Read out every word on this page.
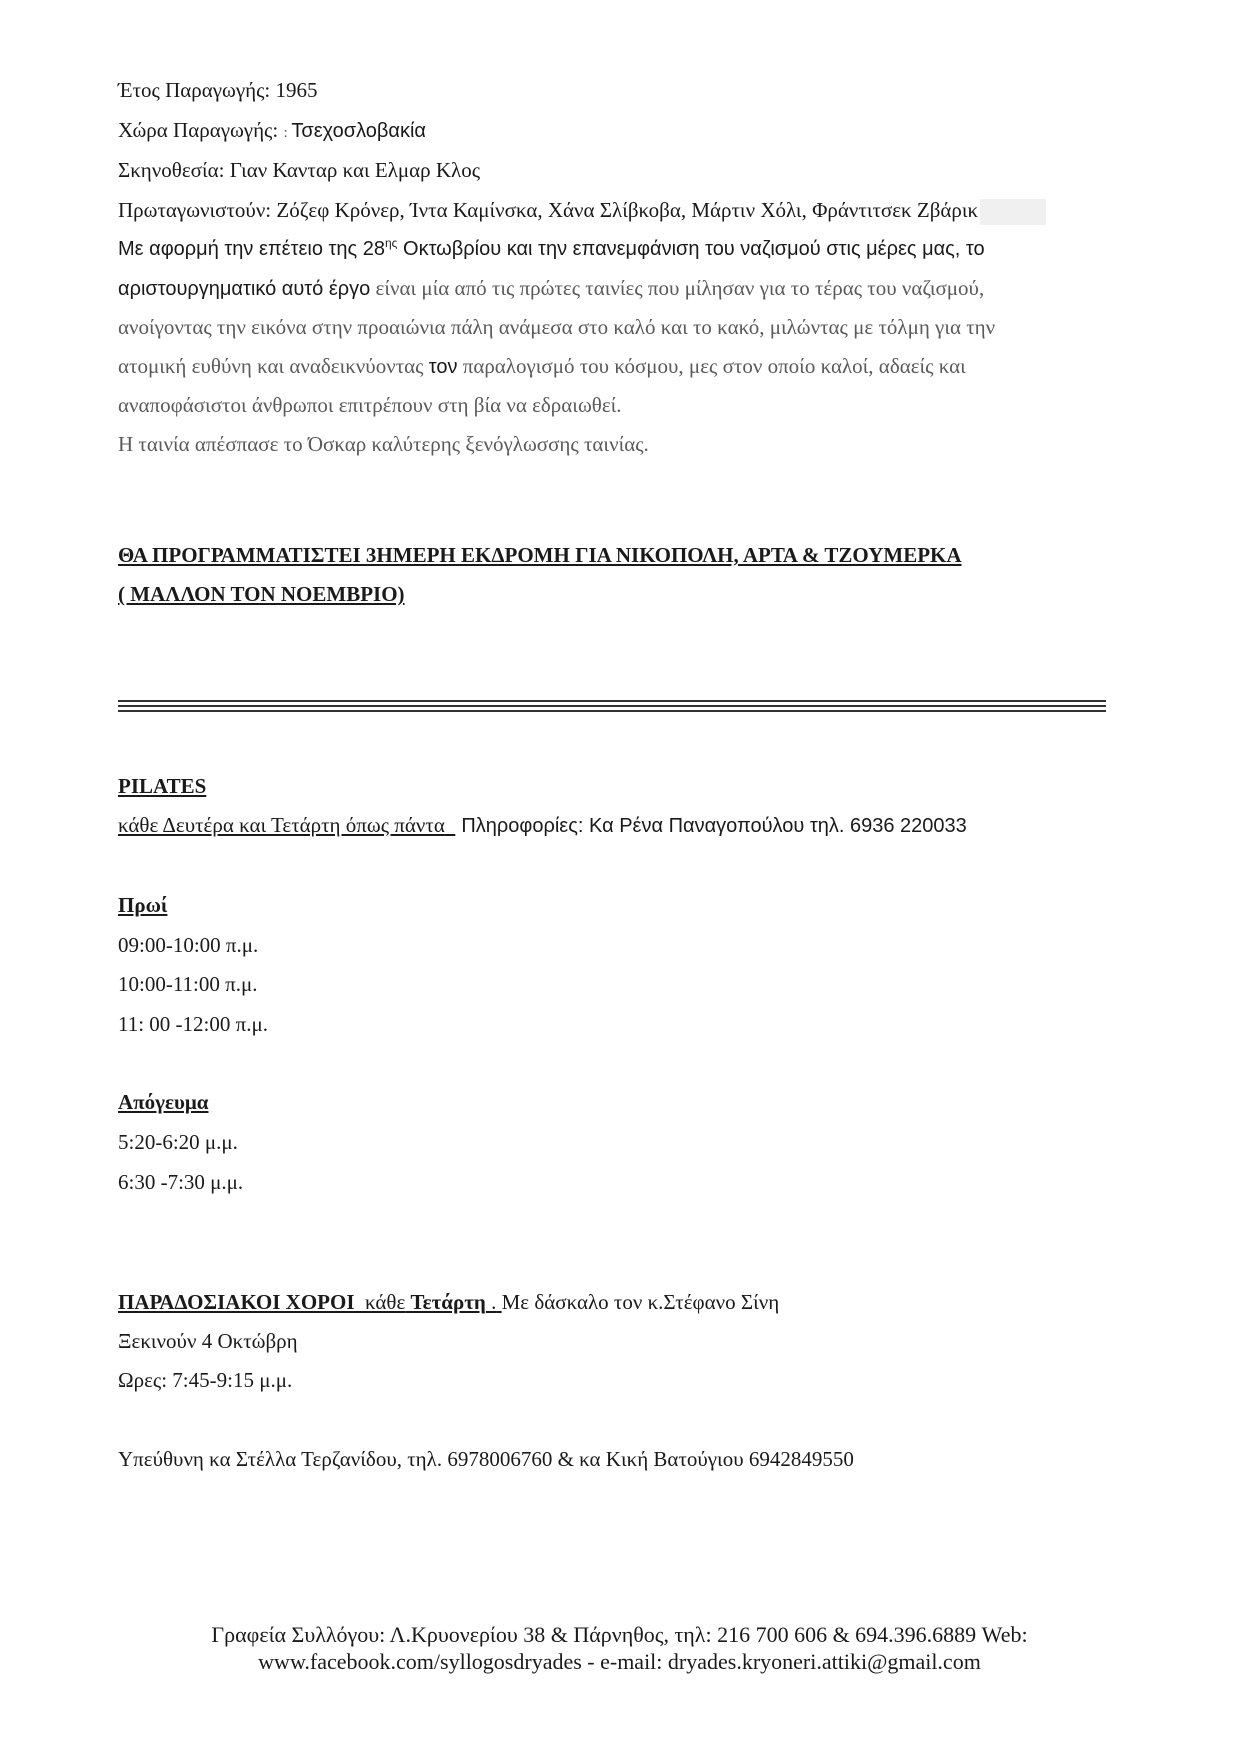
Έτος Παραγωγής: 1965
Χώρα Παραγωγής: : Τσεχοσλοβακία
Σκηνοθεσία: Γιαν Κανταρ και Ελμαρ Κλος
Πρωταγωνιστούν: Ζόζεφ Κρόνερ, Ίντα Καμίνσκα, Χάνα Σλίβκοβα, Μάρτιν Χόλι, Φράντιτσεκ Ζβάρικ
Με αφορμή την επέτειο της $28^{\eta\varsigma}$ Οκτωβρίου και την επανεμφάνιση του ναζισμού στις μέρες μας, το
αριστουργηματικό αυτό έργο είναι μία από τις πρώτες ταινίες που μίλησαν για το τέρας του ναζισμού,
ανοίγοντας την εικόνα στην προαιώνια πάλη ανάμεσα στο καλό και το κακό, μιλώντας με τόλμη για την
ατομική ευθύνη και αναδεικνύοντας τον παραλογισμό του κόσμου, μες στον οποίο καλοί, αδαείς και
αναποφάσιστοι άνθρωποι επιτρέπουν στη βία να εδραιωθεί.
Η ταινία απέσπασε το Όσκαρ καλύτερης ξενόγλωσσης ταινίας.
ΘΑ ΠΡΟΓΡΑΜΜΑΤΙΣΤΕΙ 3ΗΜΕΡΗ ΕΚΔΡΟΜΗ ΓΙΑ ΝΙΚΟΠΟΛΗ, ΑΡΤΑ & ΤΖΟΥΜΕΡΚΑ
( ΜΑΛΛΟΝ ΤΟΝ ΝΟΕΜΒΡΙΟ)
PILATES
κάθε Δευτέρα και Τετάρτη όπως πάντα Πληροφορίες: Κα Ρένα Παναγοπούλου τηλ. 6936 220033
Πρωί
09:00-10:00 π.μ.
10:00-11:00 π.μ.
11: 00 -12:00 π.μ.
Απόγευμα
5:20-6:20 μ.μ.
6:30 -7:30 μ.μ.
ΠΑΡΑΔΟΣΙΑΚΟΙ ΧΟΡΟΙ κάθε Τετάρτη . Με δάσκαλο τον κ.Στέφανο Σίνη
Ξεκινούν 4 Οκτώβρη
Ωρες: 7:45-9:15 μ.μ.
Υπεύθυνη κα Στέλλα Τερζανίδου, τηλ. 6978006760 & κα Κική Βατούγιου 6942849550
Γραφεία Συλλόγου: Λ.Κρυονερίου 38 & Πάρνηθος, τηλ: 216 700 606 & 694.396.6889 Web:
www.facebook.com/syllogosdryades - e-mail: dryades.kryoneri.attiki@gmail.com
